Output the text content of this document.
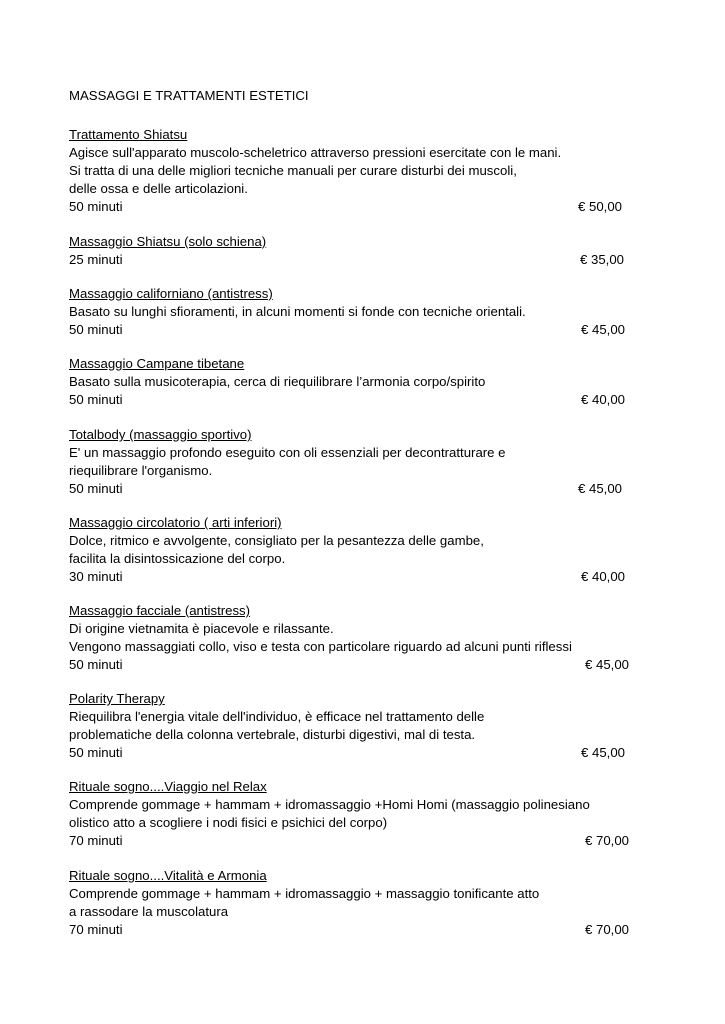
MASSAGGI E TRATTAMENTI ESTETICI
Trattamento Shiatsu
Agisce sull'apparato muscolo-scheletrico attraverso pressioni esercitate con le mani.
Si tratta di una delle migliori tecniche manuali per curare disturbi dei muscoli,
delle ossa e delle articolazioni.
50 minuti	€ 50,00
Massaggio Shiatsu (solo schiena)
25 minuti	€ 35,00
Massaggio californiano (antistress)
Basato su lunghi sfioramenti, in alcuni momenti si fonde con tecniche orientali.
50 minuti	€ 45,00
Massaggio Campane tibetane
Basato sulla musicoterapia, cerca di riequilibrare l’armonia corpo/spirito
50 minuti	€ 40,00
Totalbody (massaggio sportivo)
E' un massaggio profondo eseguito con oli essenziali per decontratturare e
riequilibrare l'organismo.
50 minuti	€ 45,00
Massaggio circolatorio ( arti inferiori)
Dolce, ritmico e avvolgente, consigliato per la pesantezza delle gambe,
facilita la disintossicazione del corpo.
30 minuti	€ 40,00
Massaggio facciale (antistress)
Di origine vietnamita è piacevole e rilassante.
Vengono massaggiati collo, viso e testa con particolare riguardo ad alcuni punti riflessi
50 minuti	€ 45,00
Polarity Therapy
Riequilibra l'energia vitale dell'individuo, è efficace nel trattamento delle
problematiche della colonna vertebrale, disturbi digestivi, mal di testa.
50 minuti	€ 45,00
Rituale sogno....Viaggio nel Relax
Comprende gommage + hammam + idromassaggio +Homi Homi (massaggio polinesiano
olistico atto a scogliere i nodi fisici e psichici del corpo)
70 minuti	€ 70,00
Rituale sogno....Vitalità e Armonia
Comprende gommage + hammam + idromassaggio + massaggio tonificante atto
a rassodare la muscolatura
70 minuti	€ 70,00
